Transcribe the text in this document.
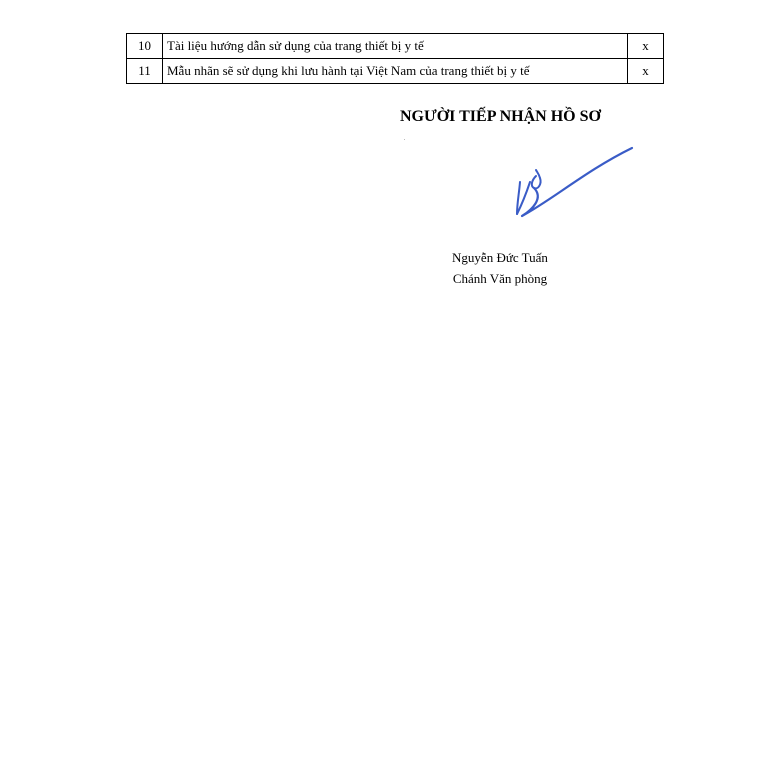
10	Tài liệu hướng dẫn sử dụng của trang thiết bị y tế	x
11	Mẫu nhãn sẽ sử dụng khi lưu hành tại Việt Nam của trang thiết bị y tế	x
NGƯỜI TIẾP NHẬN HỒ SƠ
Nguyễn Đức Tuấn
Chánh Văn phòng
